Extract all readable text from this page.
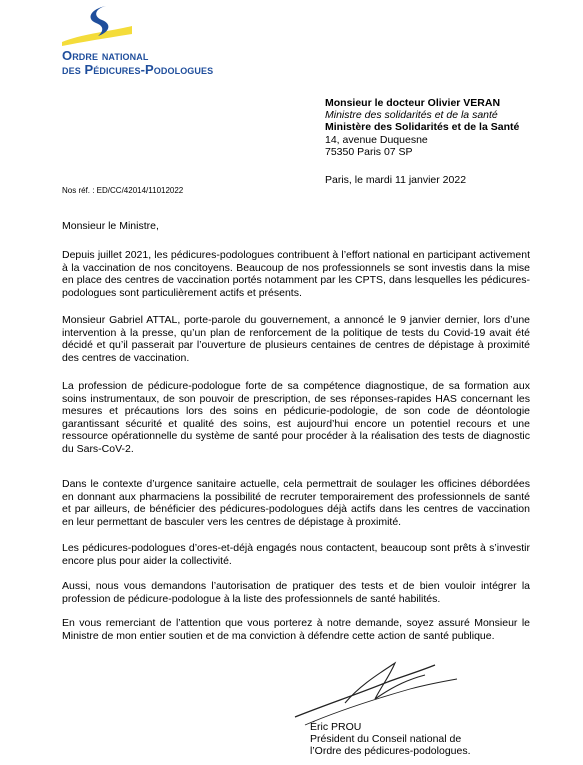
Ordre national
des Pédicures-Podologues
Monsieur le docteur Olivier VERAN
Ministre des solidarités et de la santé
Ministère des Solidarités et de la Santé
14, avenue Duquesne
75350 Paris 07 SP
Paris, le mardi 11 janvier 2022
Nos réf. : ED/CC/42014/11012022
Monsieur le Ministre,

Depuis juillet 2021, les pédicures-podologues contribuent à l’effort national en participant activement à la vaccination de nos concitoyens. Beaucoup de nos professionnels se sont investis dans la mise en place des centres de vaccination portés notamment par les CPTS, dans lesquelles les pédicures-podologues sont particulièrement actifs et présents.

Monsieur Gabriel ATTAL, porte-parole du gouvernement, a annoncé le 9 janvier dernier, lors d’une intervention à la presse, qu’un plan de renforcement de la politique de tests du Covid-19 avait été décidé et qu’il passerait par l’ouverture de plusieurs centaines de centres de dépistage à proximité des centres de vaccination.

La profession de pédicure-podologue forte de sa compétence diagnostique, de sa formation aux soins instrumentaux, de son pouvoir de prescription, de ses réponses-rapides HAS concernant les mesures et précautions lors des soins en pédicurie-podologie, de son code de déontologie garantissant sécurité et qualité des soins, est aujourd’hui encore un potentiel recours et une ressource opérationnelle du système de santé pour procéder à la réalisation des tests de diagnostic du Sars-CoV-2.

Dans le contexte d’urgence sanitaire actuelle, cela permettrait de soulager les officines débordées en donnant aux pharmaciens la possibilité de recruter temporairement des professionnels de santé et par ailleurs, de bénéficier des pédicures-podologues déjà actifs dans les centres de vaccination en leur permettant de basculer vers les centres de dépistage à proximité.

Les pédicures-podologues d’ores-et-déjà engagés nous contactent, beaucoup sont prêts à s’investir encore plus pour aider la collectivité.

Aussi, nous vous demandons l’autorisation de pratiquer des tests et de bien vouloir intégrer la profession de pédicure-podologue à la liste des professionnels de santé habilités.

En vous remerciant de l’attention que vous porterez à notre demande, soyez assuré Monsieur le Ministre de mon entier soutien et de ma conviction à défendre cette action de santé publique.

Éric PROU
Président du Conseil national de
l’Ordre des pédicures-podologues.
